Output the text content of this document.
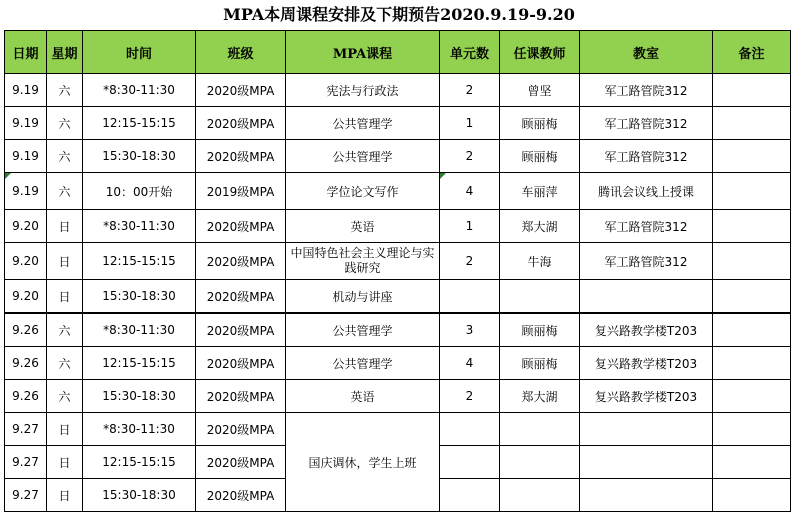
MPA本周课程安排及下期预告2020.9.19-9.20
日期	星期	时间	班级	MPA课程	单元数	任课教师	教室	备注
9.19	六	*8:30-11:30	2020级MPA	宪法与行政法	2	曾坚	军工路管院312	
9.19	六	12:15-15:15	2020级MPA	公共管理学	1	顾丽梅	军工路管院312	
9.19	六	15:30-18:30	2020级MPA	公共管理学	2	顾丽梅	军工路管院312	
9.19	六	10：00开始	2019级MPA	学位论文写作	4	车丽萍	腾讯会议线上授课	
9.20	日	*8:30-11:30	2020级MPA	英语	1	郑大湖	军工路管院312	
9.20	日	12:15-15:15	2020级MPA	中国特色社会主义理论与实践研究	2	牛海	军工路管院312	
9.20	日	15:30-18:30	2020级MPA	机动与讲座				
9.26	六	*8:30-11:30	2020级MPA	公共管理学	3	顾丽梅	复兴路教学楼T203	
9.26	六	12:15-15:15	2020级MPA	公共管理学	4	顾丽梅	复兴路教学楼T203	
9.26	六	15:30-18:30	2020级MPA	英语	2	郑大湖	复兴路教学楼T203	
9.27	日	*8:30-11:30	2020级MPA	国庆调休，学生上班				
9.27	日	12:15-15:15	2020级MPA					
9.27	日	15:30-18:30	2020级MPA					
